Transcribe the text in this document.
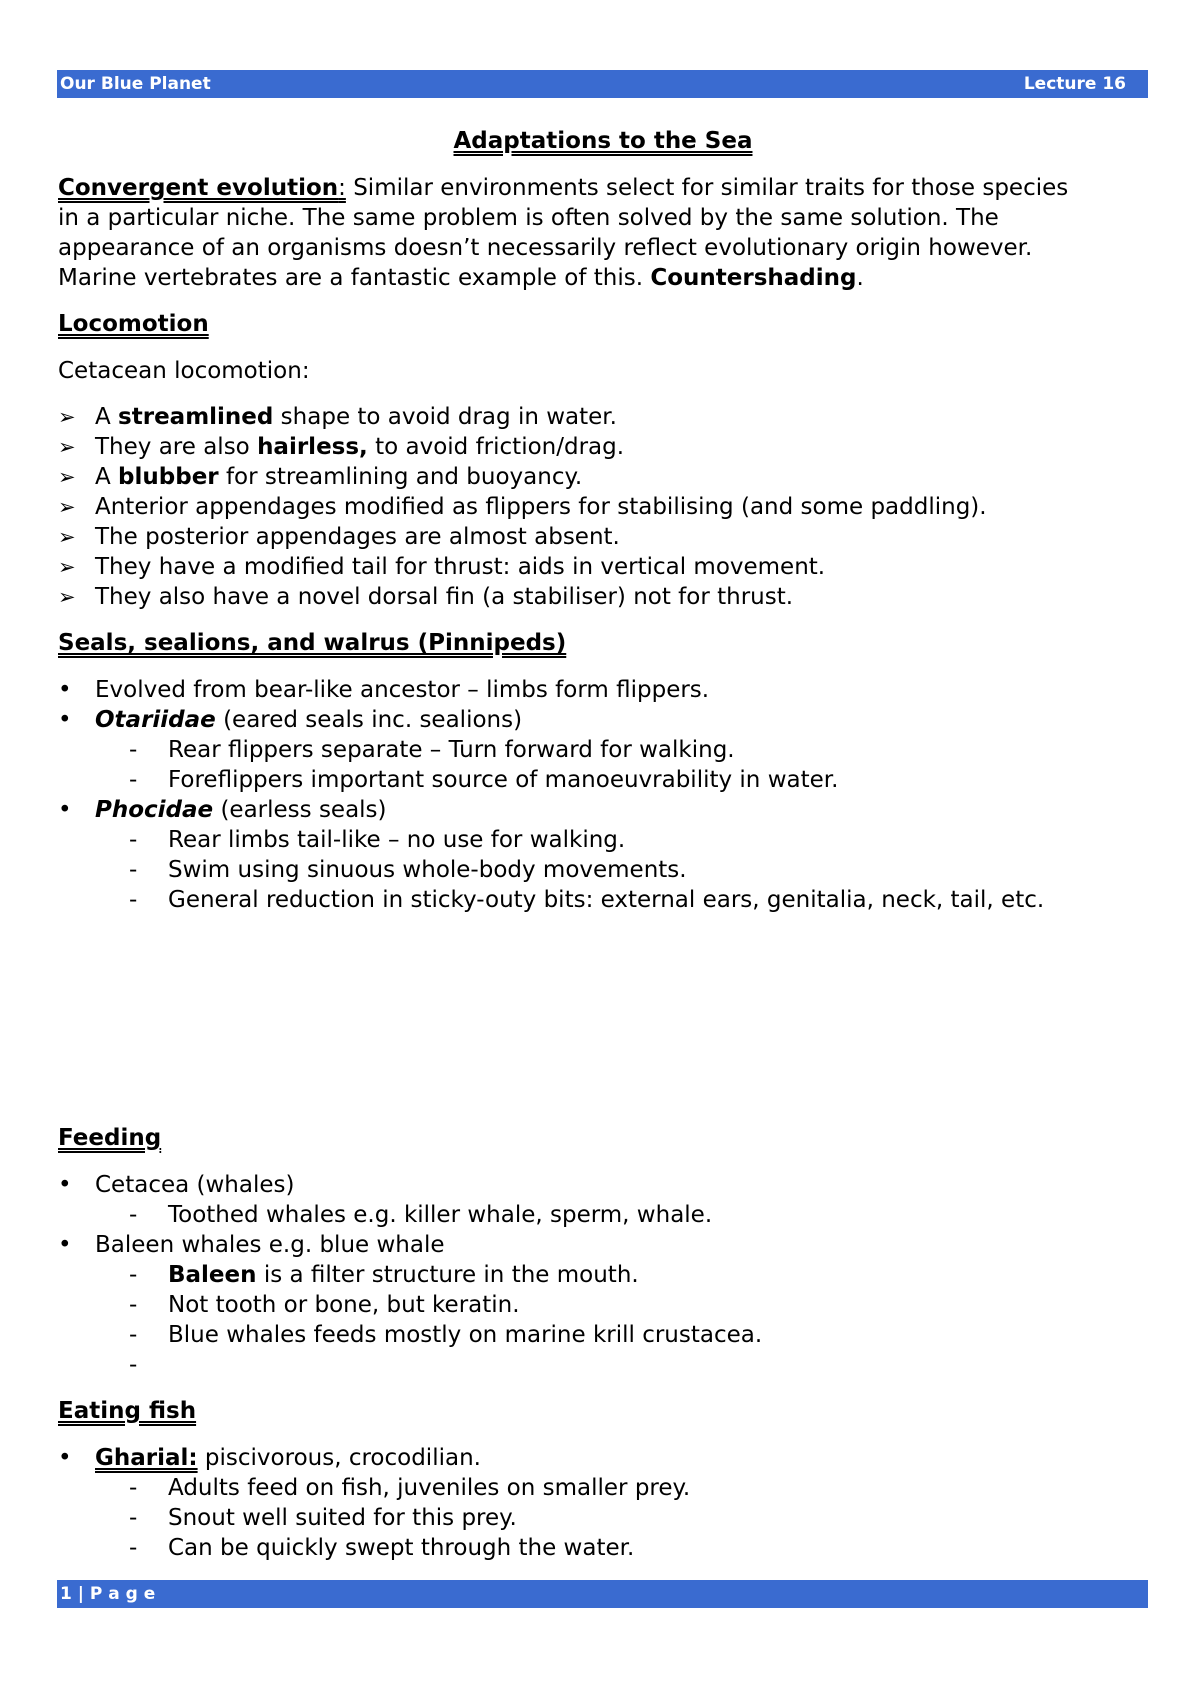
Our Blue Planet	Lecture 16
Adaptations to the Sea
Convergent evolution: Similar environments select for similar traits for those species
in a particular niche. The same problem is often solved by the same solution. The
appearance of an organisms doesn’t necessarily reflect evolutionary origin however.
Marine vertebrates are a fantastic example of this. Countershading.
Locomotion
Cetacean locomotion:
➢ A streamlined shape to avoid drag in water.
➢ They are also hairless, to avoid friction/drag.
➢ A blubber for streamlining and buoyancy.
➢ Anterior appendages modified as flippers for stabilising (and some paddling).
➢ The posterior appendages are almost absent.
➢ They have a modified tail for thrust: aids in vertical movement.
➢ They also have a novel dorsal fin (a stabiliser) not for thrust.
Seals, sealions, and walrus (Pinnipeds)
•	Evolved from bear-like ancestor – limbs form flippers.
•	Otariidae (eared seals inc. sealions)
- Rear flippers separate – Turn forward for walking.
- Foreflippers important source of manoeuvrability in water.
•	Phocidae (earless seals)
- Rear limbs tail-like – no use for walking.
- Swim using sinuous whole-body movements.
- General reduction in sticky-outy bits: external ears, genitalia, neck, tail, etc.
Feeding
•	Cetacea (whales)
- Toothed whales e.g. killer whale, sperm, whale.
•	Baleen whales e.g. blue whale
- Baleen is a filter structure in the mouth.
- Not tooth or bone, but keratin.
- Blue whales feeds mostly on marine krill crustacea.
-
Eating fish
•	Gharial: piscivorous, crocodilian.
- Adults feed on fish, juveniles on smaller prey.
- Snout well suited for this prey.
- Can be quickly swept through the water.
1 | P a g e
